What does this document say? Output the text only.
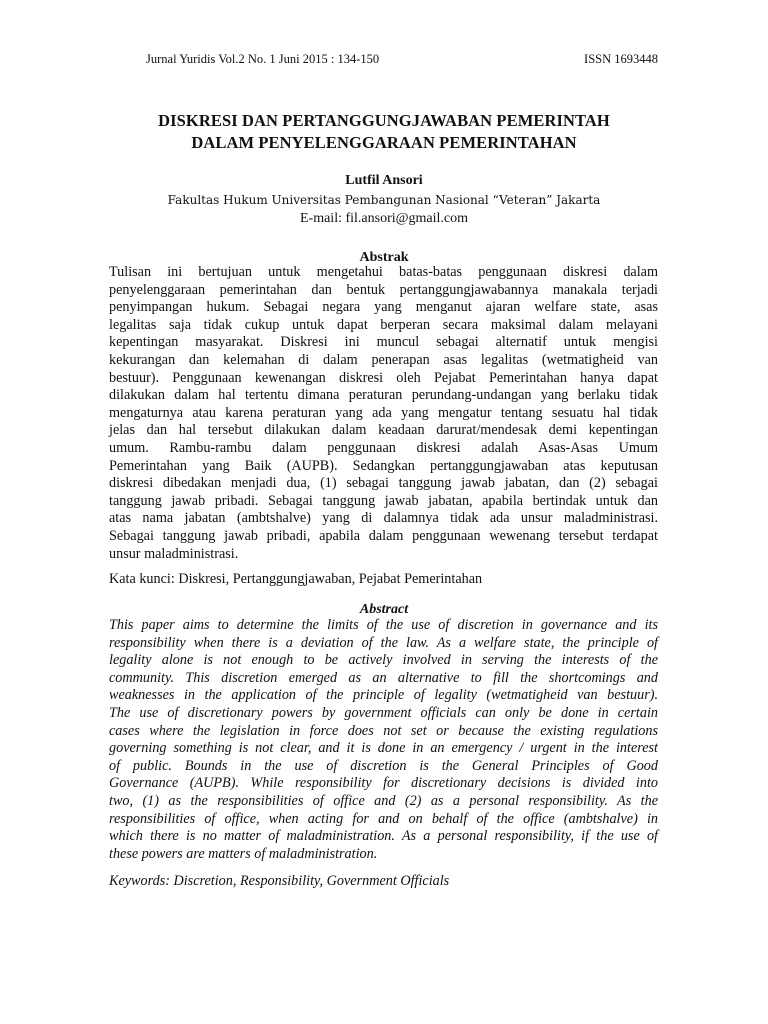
Jurnal Yuridis Vol.2 No. 1 Juni 2015 : 134-150	ISSN 1693448
DISKRESI DAN PERTANGGUNGJAWABAN PEMERINTAH
DALAM PENYELENGGARAAN PEMERINTAHAN
Lutfil Ansori
Fakultas Hukum Universitas Pembangunan Nasional “Veteran” Jakarta
E-mail: fil.ansori@gmail.com
Abstrak
Tulisan ini bertujuan untuk mengetahui batas-batas penggunaan diskresi dalam
penyelenggaraan pemerintahan dan bentuk pertanggungjawabannya manakala terjadi
penyimpangan hukum. Sebagai negara yang menganut ajaran welfare state, asas
legalitas saja tidak cukup untuk dapat berperan secara maksimal dalam melayani
kepentingan masyarakat. Diskresi ini muncul sebagai alternatif untuk mengisi
kekurangan dan kelemahan di dalam penerapan asas legalitas (wetmatigheid van
bestuur). Penggunaan kewenangan diskresi oleh Pejabat Pemerintahan hanya dapat
dilakukan dalam hal tertentu dimana peraturan perundang-undangan yang berlaku tidak
mengaturnya atau karena peraturan yang ada yang mengatur tentang sesuatu hal tidak
jelas dan hal tersebut dilakukan dalam keadaan darurat/mendesak demi kepentingan
umum. Rambu-rambu dalam penggunaan diskresi adalah Asas-Asas Umum
Pemerintahan yang Baik (AUPB). Sedangkan pertanggungjawaban atas keputusan
diskresi dibedakan menjadi dua, (1) sebagai tanggung jawab jabatan, dan (2) sebagai
tanggung jawab pribadi. Sebagai tanggung jawab jabatan, apabila bertindak untuk dan
atas nama jabatan (ambtshalve) yang di dalamnya tidak ada unsur maladministrasi.
Sebagai tanggung jawab pribadi, apabila dalam penggunaan wewenang tersebut terdapat
unsur maladministrasi.
Kata kunci: Diskresi, Pertanggungjawaban, Pejabat Pemerintahan
Abstract
This paper aims to determine the limits of the use of discretion in governance and its
responsibility when there is a deviation of the law. As a welfare state, the principle of
legality alone is not enough to be actively involved in serving the interests of the
community. This discretion emerged as an alternative to fill the shortcomings and
weaknesses in the application of the principle of legality (wetmatigheid van bestuur).
The use of discretionary powers by government officials can only be done in certain
cases where the legislation in force does not set or because the existing regulations
governing something is not clear, and it is done in an emergency / urgent in the interest
of public. Bounds in the use of discretion is the General Principles of Good
Governance (AUPB). While responsibility for discretionary decisions is divided into
two, (1) as the responsibilities of office and (2) as a personal responsibility. As the
responsibilities of office, when acting for and on behalf of the office (ambtshalve) in
which there is no matter of maladministration. As a personal responsibility, if the use of
these powers are matters of maladministration.
Keywords: Discretion, Responsibility, Government Officials
